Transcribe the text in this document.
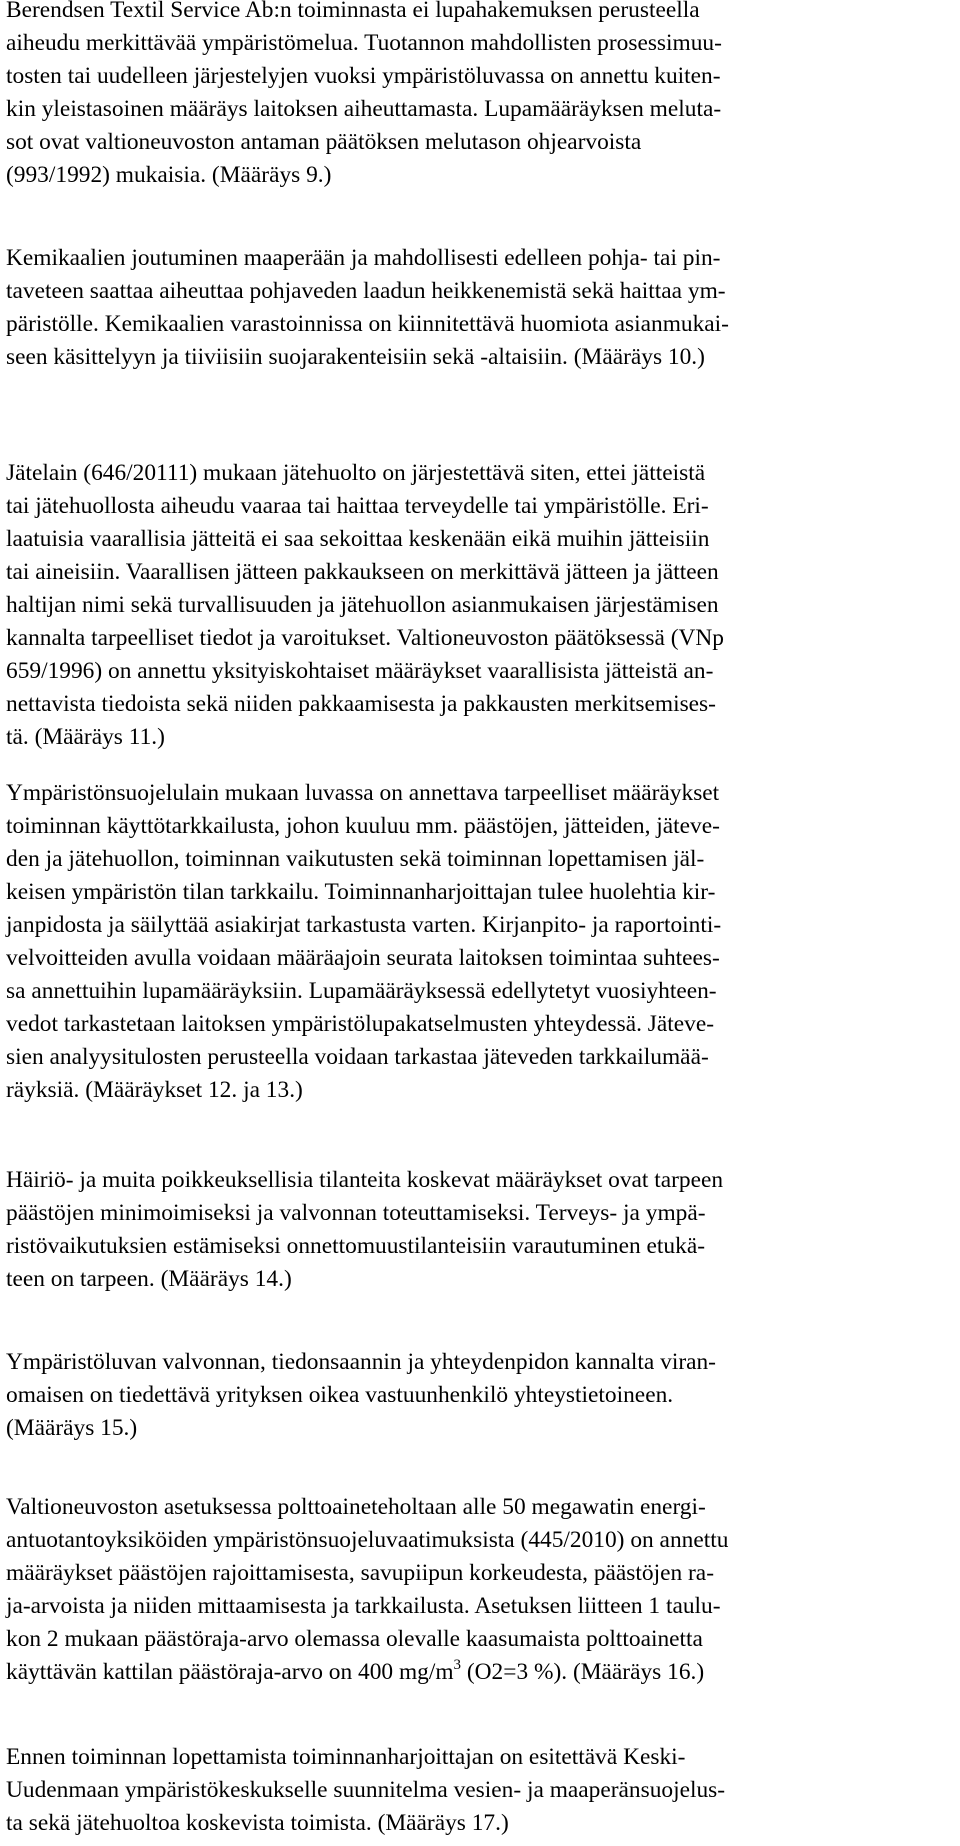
Berendsen Textil Service Ab:n toiminnasta ei lupahakemuksen perusteella
aiheudu merkittävää ympäristömelua. Tuotannon mahdollisten prosessimuu-
tosten tai uudelleen järjestelyjen vuoksi ympäristöluvassa on annettu kuiten-
kin yleistasoinen määräys laitoksen aiheuttamasta. Lupamääräyksen meluta-
sot ovat valtioneuvoston antaman päätöksen melutason ohjearvoista
(993/1992) mukaisia. (Määräys 9.)
Kemikaalien joutuminen maaperään ja mahdollisesti edelleen pohja- tai pin-
taveteen saattaa aiheuttaa pohjaveden laadun heikkenemistä sekä haittaa ym-
päristölle. Kemikaalien varastoinnissa on kiinnitettävä huomiota asianmukai-
seen käsittelyyn ja tiiviisiin suojarakenteisiin sekä -altaisiin. (Määräys 10.)
Jätelain (646/20111) mukaan jätehuolto on järjestettävä siten, ettei jätteistä
tai jätehuollosta aiheudu vaaraa tai haittaa terveydelle tai ympäristölle. Eri-
laatuisia vaarallisia jätteitä ei saa sekoittaa keskenään eikä muihin jätteisiin
tai aineisiin. Vaarallisen jätteen pakkaukseen on merkittävä jätteen ja jätteen
haltijan nimi sekä turvallisuuden ja jätehuollon asianmukaisen järjestämisen
kannalta tarpeelliset tiedot ja varoitukset. Valtioneuvoston päätöksessä (VNp
659/1996) on annettu yksityiskohtaiset määräykset vaarallisista jätteistä an-
nettavista tiedoista sekä niiden pakkaamisesta ja pakkausten merkitsemises-
tä. (Määräys 11.)
Ympäristönsuojelulain mukaan luvassa on annettava tarpeelliset määräykset
toiminnan käyttötarkkailusta, johon kuuluu mm. päästöjen, jätteiden, jäteve-
den ja jätehuollon, toiminnan vaikutusten sekä toiminnan lopettamisen jäl-
keisen ympäristön tilan tarkkailu. Toiminnanharjoittajan tulee huolehtia kir-
janpidosta ja säilyttää asiakirjat tarkastusta varten. Kirjanpito- ja raportointi-
velvoitteiden avulla voidaan määräajoin seurata laitoksen toimintaa suhtees-
sa annettuihin lupamääräyksiin. Lupamääräyksessä edellytetyt vuosiyhteen-
vedot tarkastetaan laitoksen ympäristölupakatselmusten yhteydessä. Jäteve-
sien analyysitulosten perusteella voidaan tarkastaa jäteveden tarkkailumää-
räyksiä. (Määräykset 12. ja 13.)
Häiriö- ja muita poikkeuksellisia tilanteita koskevat määräykset ovat tarpeen
päästöjen minimoimiseksi ja valvonnan toteuttamiseksi. Terveys- ja ympä-
ristövaikutuksien estämiseksi onnettomuustilanteisiin varautuminen etukä-
teen on tarpeen. (Määräys 14.)
Ympäristöluvan valvonnan, tiedonsaannin ja yhteydenpidon kannalta viran-
omaisen on tiedettävä yrityksen oikea vastuunhenkilö yhteystietoineen.
(Määräys 15.)
Valtioneuvoston asetuksessa polttoaineteholtaan alle 50 megawatin energi-
antuotantoyksiköiden ympäristönsuojeluvaatimuksista (445/2010) on annettu
määräykset päästöjen rajoittamisesta, savupiipun korkeudesta, päästöjen ra-
ja-arvoista ja niiden mittaamisesta ja tarkkailusta. Asetuksen liitteen 1 taulu-
kon 2 mukaan päästöraja-arvo olemassa olevalle kaasumaista polttoainetta
käyttävän kattilan päästöraja-arvo on 400 $mg/m^3$ (O2=3 %). (Määräys 16.)
Ennen toiminnan lopettamista toiminnanharjoittajan on esitettävä Keski-
Uudenmaan ympäristökeskukselle suunnitelma vesien- ja maaperänsuojelus-
ta sekä jätehuoltoa koskevista toimista. (Määräys 17.)
